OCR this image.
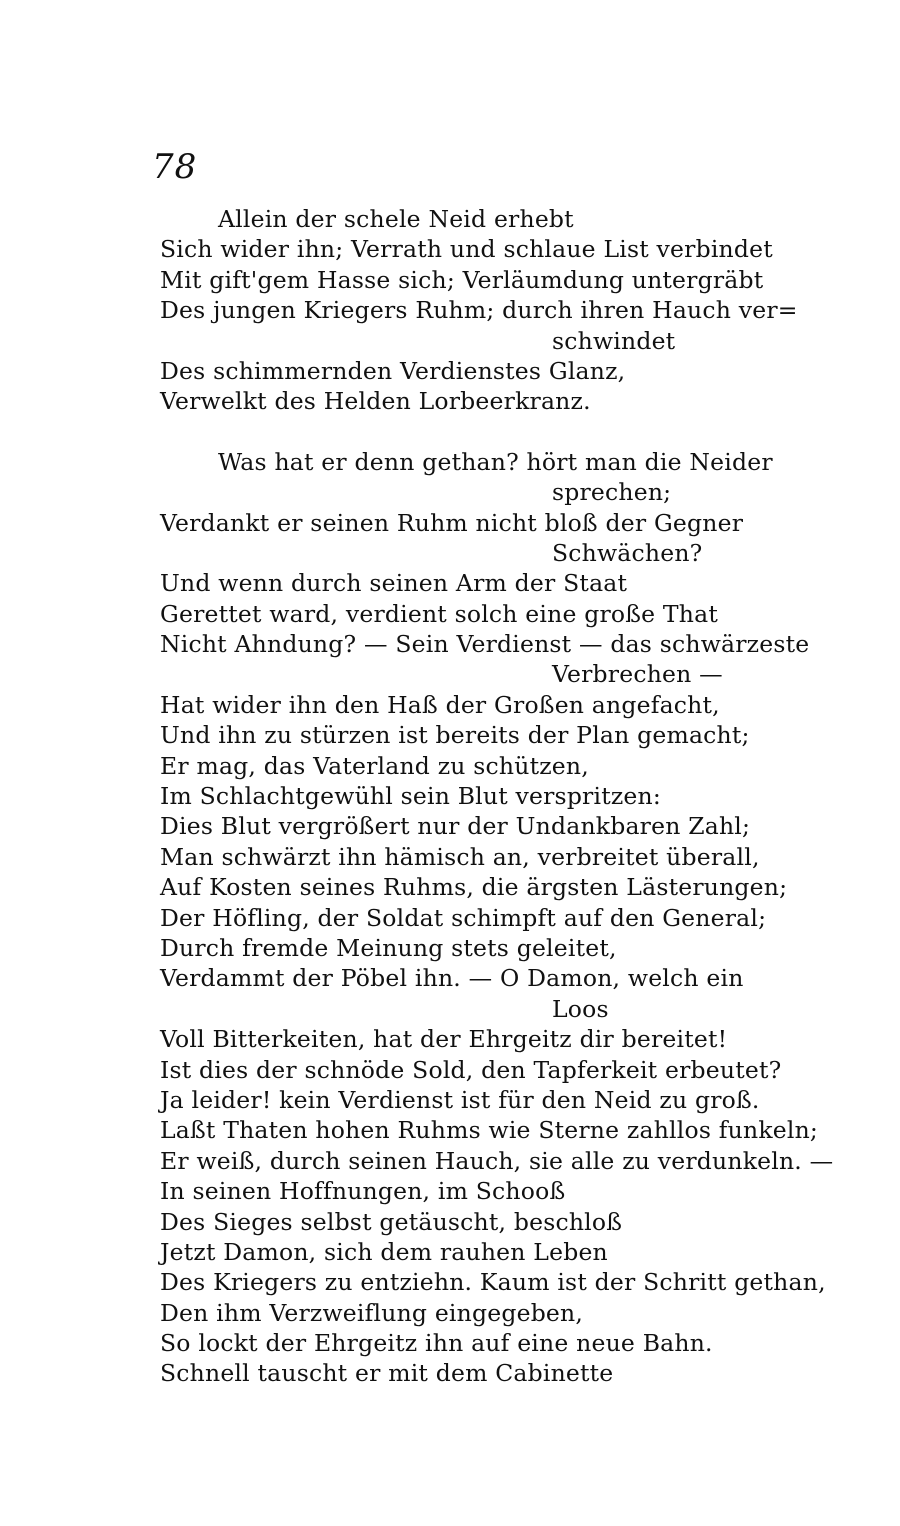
78
Allein der schele Neid erhebt
Sich wider ihn; Verrath und schlaue List verbindet
Mit gift'gem Hasse sich; Verläumdung untergräbt
Des jungen Kriegers Ruhm; durch ihren Hauch ver=
schwindet
Des schimmernden Verdienstes Glanz,
Verwelkt des Helden Lorbeerkranz.
Was hat er denn gethan? hört man die Neider
sprechen;
Verdankt er seinen Ruhm nicht bloß der Gegner
Schwächen?
Und wenn durch seinen Arm der Staat
Gerettet ward, verdient solch eine große That
Nicht Ahndung? — Sein Verdienst — das schwärzeste
Verbrechen —
Hat wider ihn den Haß der Großen angefacht,
Und ihn zu stürzen ist bereits der Plan gemacht;
Er mag, das Vaterland zu schützen,
Im Schlachtgewühl sein Blut verspritzen:
Dies Blut vergrößert nur der Undankbaren Zahl;
Man schwärzt ihn hämisch an, verbreitet überall,
Auf Kosten seines Ruhms, die ärgsten Lästerungen;
Der Höfling, der Soldat schimpft auf den General;
Durch fremde Meinung stets geleitet,
Verdammt der Pöbel ihn. — O Damon, welch ein
Loos
Voll Bitterkeiten, hat der Ehrgeitz dir bereitet!
Ist dies der schnöde Sold, den Tapferkeit erbeutet?
Ja leider! kein Verdienst ist für den Neid zu groß.
Laßt Thaten hohen Ruhms wie Sterne zahllos funkeln;
Er weiß, durch seinen Hauch, sie alle zu verdunkeln. —
In seinen Hoffnungen, im Schooß
Des Sieges selbst getäuscht, beschloß
Jetzt Damon, sich dem rauhen Leben
Des Kriegers zu entziehn. Kaum ist der Schritt gethan,
Den ihm Verzweiflung eingegeben,
So lockt der Ehrgeitz ihn auf eine neue Bahn.
Schnell tauscht er mit dem Cabinette
